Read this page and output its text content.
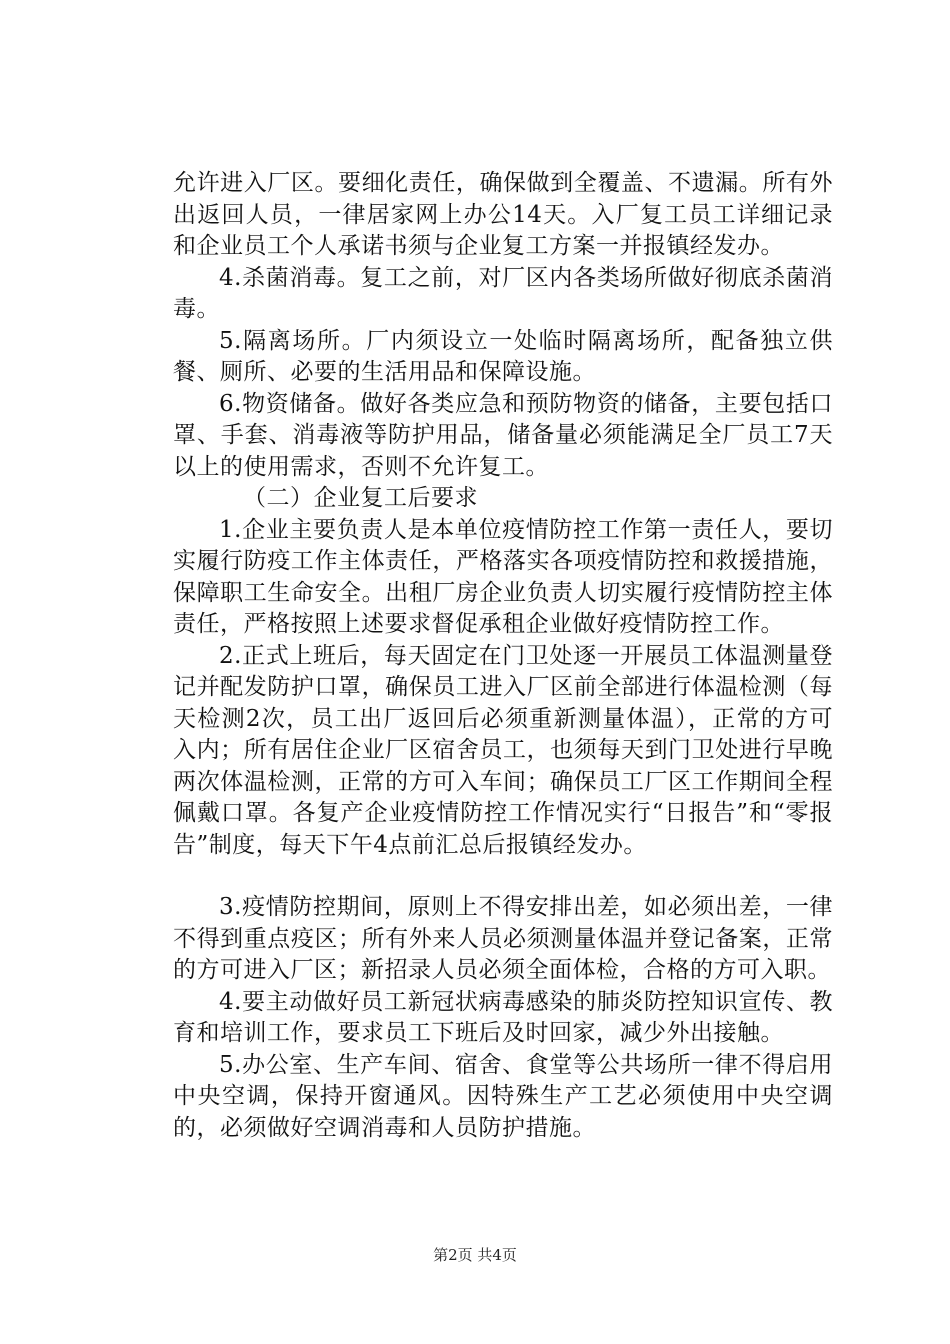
允许进入厂区。要细化责任，确保做到全覆盖、不遗漏。所有外出返回人员，一律居家网上办公14天。入厂复工员工详细记录和企业员工个人承诺书须与企业复工方案一并报镇经发办。

4.杀菌消毒。复工之前，对厂区内各类场所做好彻底杀菌消毒。

5.隔离场所。厂内须设立一处临时隔离场所，配备独立供餐、厕所、必要的生活用品和保障设施。

6.物资储备。做好各类应急和预防物资的储备，主要包括口罩、手套、消毒液等防护用品，储备量必须能满足全厂员工7天以上的使用需求，否则不允许复工。

（二）企业复工后要求

1.企业主要负责人是本单位疫情防控工作第一责任人，要切实履行防疫工作主体责任，严格落实各项疫情防控和救援措施，保障职工生命安全。出租厂房企业负责人切实履行疫情防控主体责任，严格按照上述要求督促承租企业做好疫情防控工作。

2.正式上班后，每天固定在门卫处逐一开展员工体温测量登记并配发防护口罩，确保员工进入厂区前全部进行体温检测（每天检测2次，员工出厂返回后必须重新测量体温），正常的方可入内；所有居住企业厂区宿舍员工，也须每天到门卫处进行早晚两次体温检测，正常的方可入车间；确保员工厂区工作期间全程佩戴口罩。各复产企业疫情防控工作情况实行“日报告”和“零报告”制度，每天下午4点前汇总后报镇经发办。

3.疫情防控期间，原则上不得安排出差，如必须出差，一律不得到重点疫区；所有外来人员必须测量体温并登记备案，正常的方可进入厂区；新招录人员必须全面体检，合格的方可入职。

4.要主动做好员工新冠状病毒感染的肺炎防控知识宣传、教育和培训工作，要求员工下班后及时回家，减少外出接触。

5.办公室、生产车间、宿舍、食堂等公共场所一律不得启用中央空调，保持开窗通风。因特殊生产工艺必须使用中央空调的，必须做好空调消毒和人员防护措施。

第2页 共4页
